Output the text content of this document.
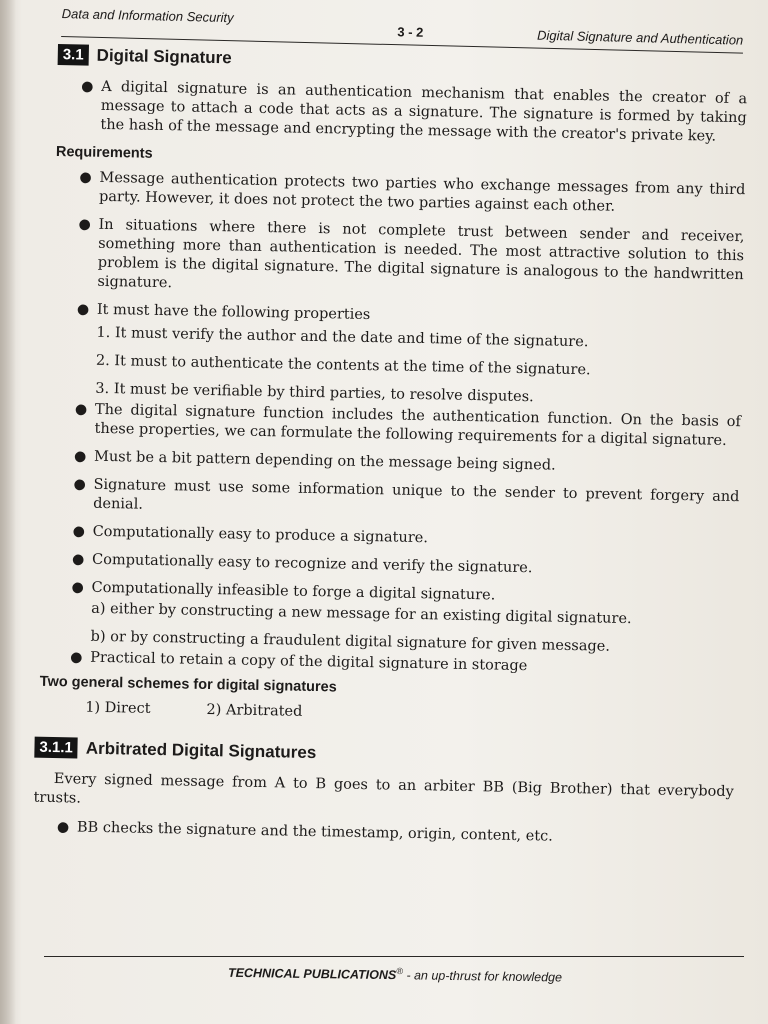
Data and Information Security
3 - 2	Digital Signature and Authentication
3.1 Digital Signature
● A digital signature is an authentication mechanism that enables the creator of a message to attach a code that acts as a signature. The signature is formed by taking the hash of the message and encrypting the message with the creator's private key.
Requirements
● Message authentication protects two parties who exchange messages from any third party. However, it does not protect the two parties against each other.
● In situations where there is not complete trust between sender and receiver, something more than authentication is needed. The most attractive solution to this problem is the digital signature. The digital signature is analogous to the handwritten signature.
● It must have the following properties
1. It must verify the author and the date and time of the signature.
2. It must to authenticate the contents at the time of the signature.
3. It must be verifiable by third parties, to resolve disputes.
● The digital signature function includes the authentication function. On the basis of these properties, we can formulate the following requirements for a digital signature.
● Must be a bit pattern depending on the message being signed.
● Signature must use some information unique to the sender to prevent forgery and denial.
● Computationally easy to produce a signature.
● Computationally easy to recognize and verify the signature.
● Computationally infeasible to forge a digital signature.
a) either by constructing a new message for an existing digital signature.
b) or by constructing a fraudulent digital signature for given message.
● Practical to retain a copy of the digital signature in storage
Two general schemes for digital signatures
1) Direct	2) Arbitrated
3.1.1 Arbitrated Digital Signatures
Every signed message from A to B goes to an arbiter BB (Big Brother) that everybody trusts.
● BB checks the signature and the timestamp, origin, content, etc.
TECHNICAL PUBLICATIONS® - an up-thrust for knowledge
